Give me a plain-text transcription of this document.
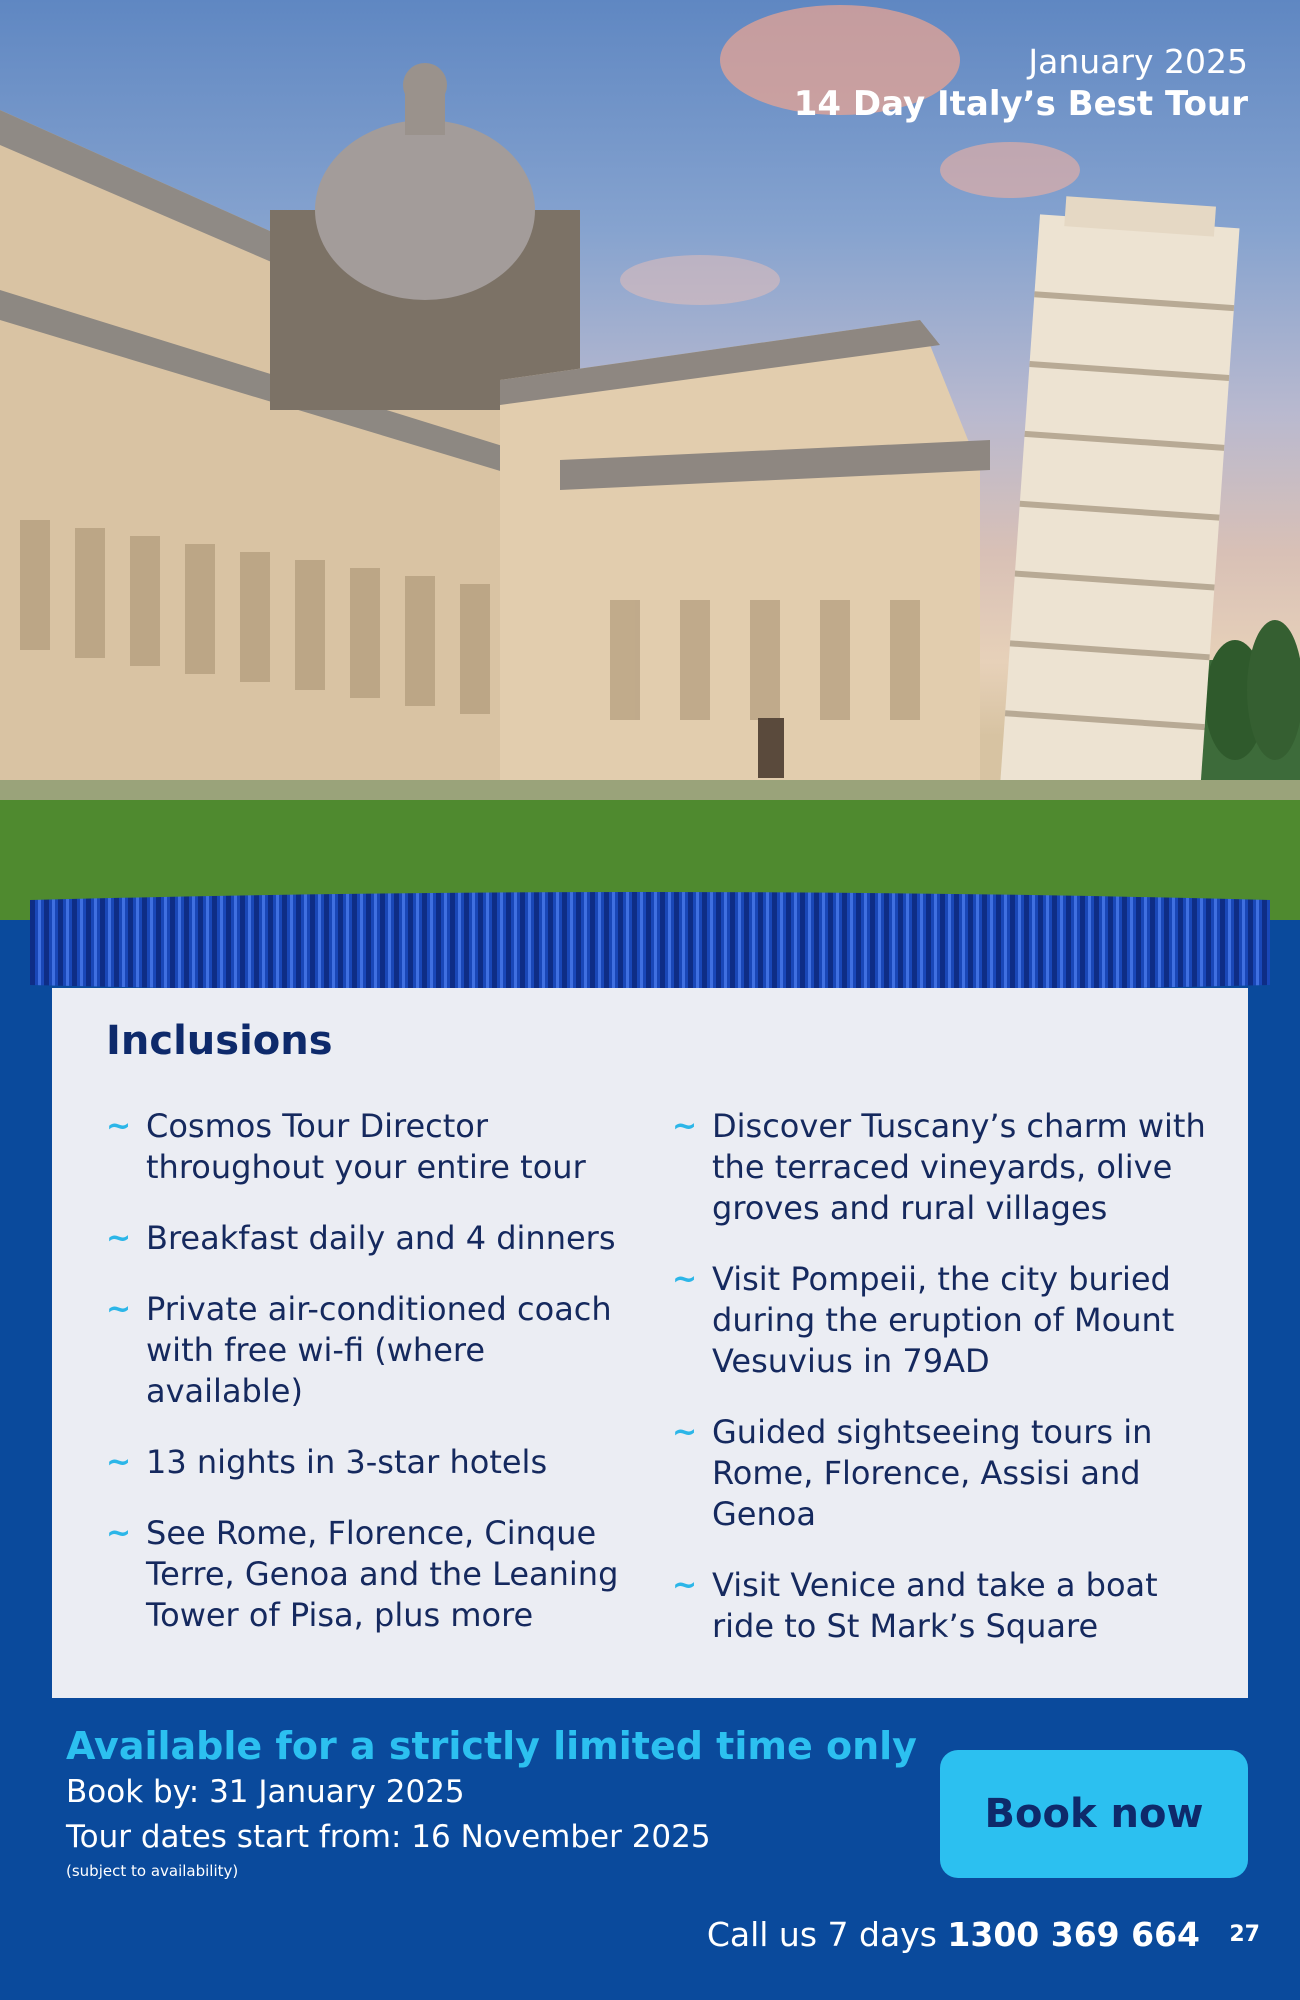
January 2025
14 Day Italy’s Best Tour
Inclusions
~ Cosmos Tour Director throughout your entire tour
~ Breakfast daily and 4 dinners
~ Private air-conditioned coach with free wi-fi (where available)
~ 13 nights in 3-star hotels
~ See Rome, Florence, Cinque Terre, Genoa and the Leaning Tower of Pisa, plus more
~ Discover Tuscany’s charm with the terraced vineyards, olive groves and rural villages
~ Visit Pompeii, the city buried during the eruption of Mount Vesuvius in 79AD
~ Guided sightseeing tours in Rome, Florence, Assisi and Genoa
~ Visit Venice and take a boat ride to St Mark’s Square
Available for a strictly limited time only
Book by: 31 January 2025
Tour dates start from: 16 November 2025
(subject to availability)
Book now
Call us 7 days 1300 369 664 27
